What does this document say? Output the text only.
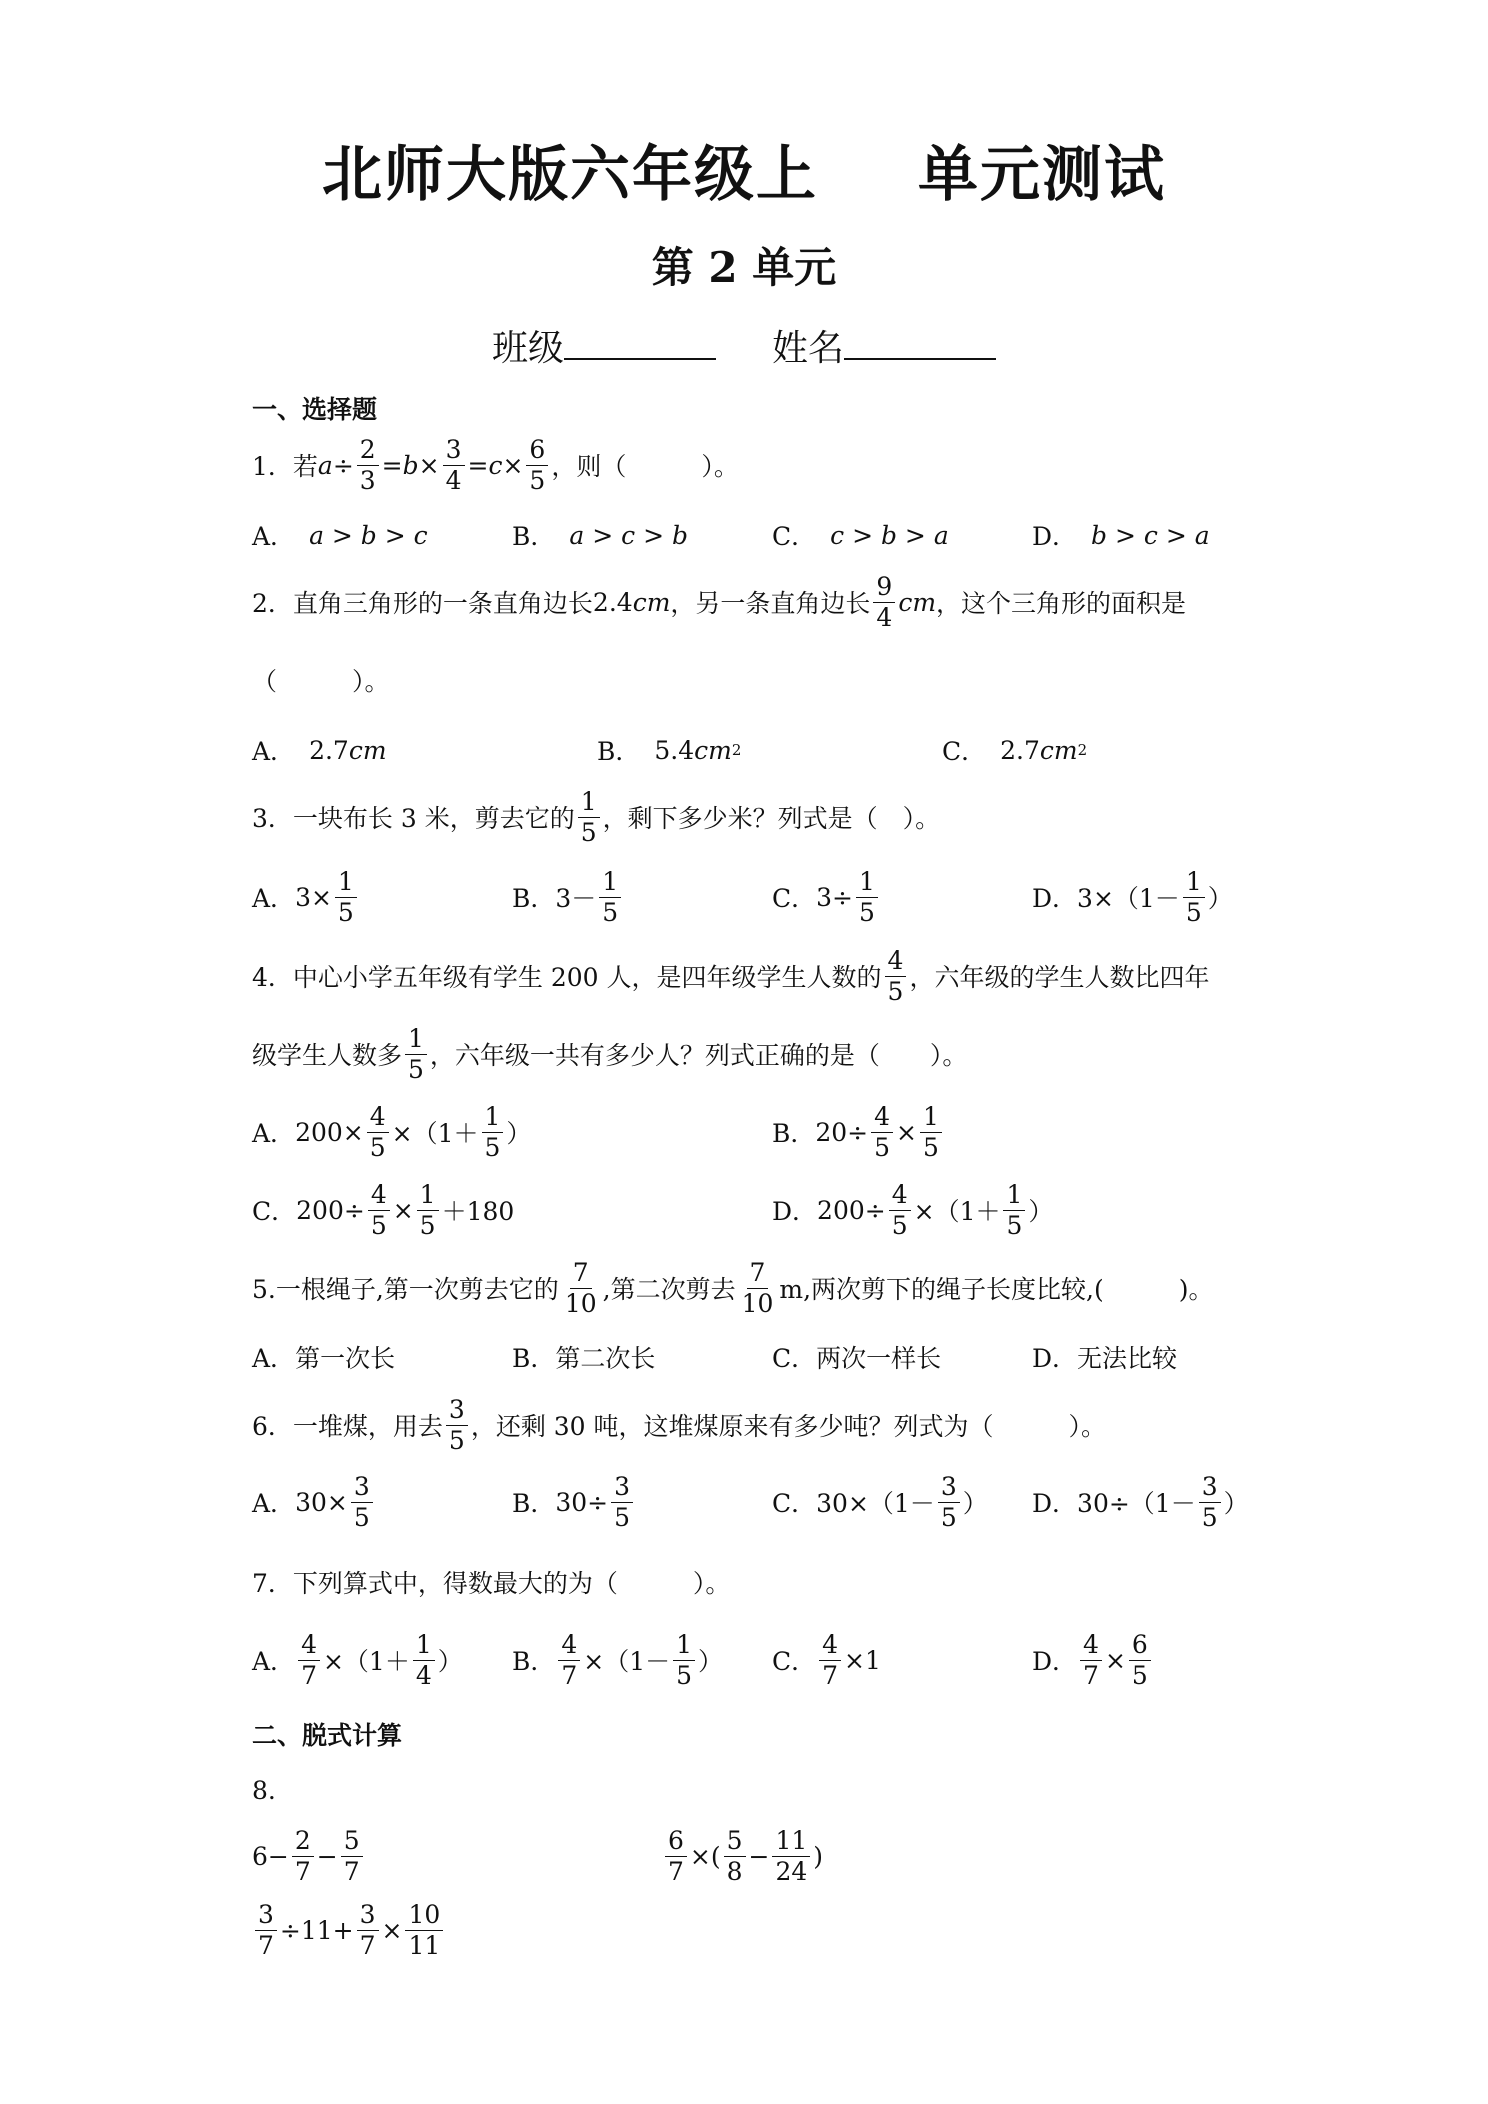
北师大版六年级上 单元测试
第 2 单元
班级	姓名
一、选择题
1．若 $a \div \frac{2}{3} = b \times \frac{3}{4} = c \times \frac{6}{5}$ ，则（　　　）。
A． a > b > c	B． a > c > b	C． c > b > a	D． b > c > a
2．直角三角形的一条直角边长 2.4 cm ，另一条直角边长 $\frac{9}{4}$ cm ，这个三角形的面积是
（　　　）。
A． 2.7 cm	B． 5.4 cm 2	C． 2.7 cm 2
3．一块布长 3 米，剪去它的 $\frac{1}{5}$ ，剩下多少米？列式是（　）。
A． $3\times \frac{1}{5}$	B． $3- \frac{1}{5}$	C． $3\div \frac{1}{5}$	D． $3\times(1- \frac{1}{5}$ ）
4．中心小学五年级有学生 200 人，是四年级学生人数的 $\frac{4}{5}$ ，六年级的学生人数比四年
级学生人数多 $\frac{1}{5}$ ，六年级一共有多少人？列式正确的是（　　）。
A． $200\times \frac{4}{5} \times(1+ \frac{1}{5}$ ）	B． $20\div \frac{4}{5} \times \frac{1}{5}$
C． $200\div \frac{4}{5} \times \frac{1}{5} +180$	D． $200\div \frac{4}{5} \times(1+ \frac{1}{5}$ ）
5.一根绳子,第一次剪去它的 $\frac{7}{10}$ ,第二次剪去 $\frac{7}{10} m$,两次剪下的绳子长度比较,(　　　)。
A． 第一次长	B． 第二次长	C． 两次一样长	D． 无法比较
6．一堆煤，用去 $\frac{3}{5}$ ，还剩 30 吨，这堆煤原来有多少吨？列式为（　　　）。
A． $30\times \frac{3}{5}$	B． $30\div \frac{3}{5}$	C． $30\times(1- \frac{3}{5}$ ） D． $30\div(1- \frac{3}{5}$ ）
7．下列算式中，得数最大的为（　　　）。
A． $\frac{4}{7} \times(1+ \frac{1}{4}$ ） B． $\frac{4}{7} \times(1- \frac{1}{5}$ ） C． $\frac{4}{7} \times 1$	D． $\frac{4}{7} \times \frac{6}{5}$
二、脱式计算
8.
$6- \frac{2}{7} - \frac{5}{7}$	$\frac{6}{7}$ ×( $\frac{5}{8} - \frac{11}{24}$ )
$\frac{3}{7} \div 11+ \frac{3}{7} \times \frac{10}{11}$
